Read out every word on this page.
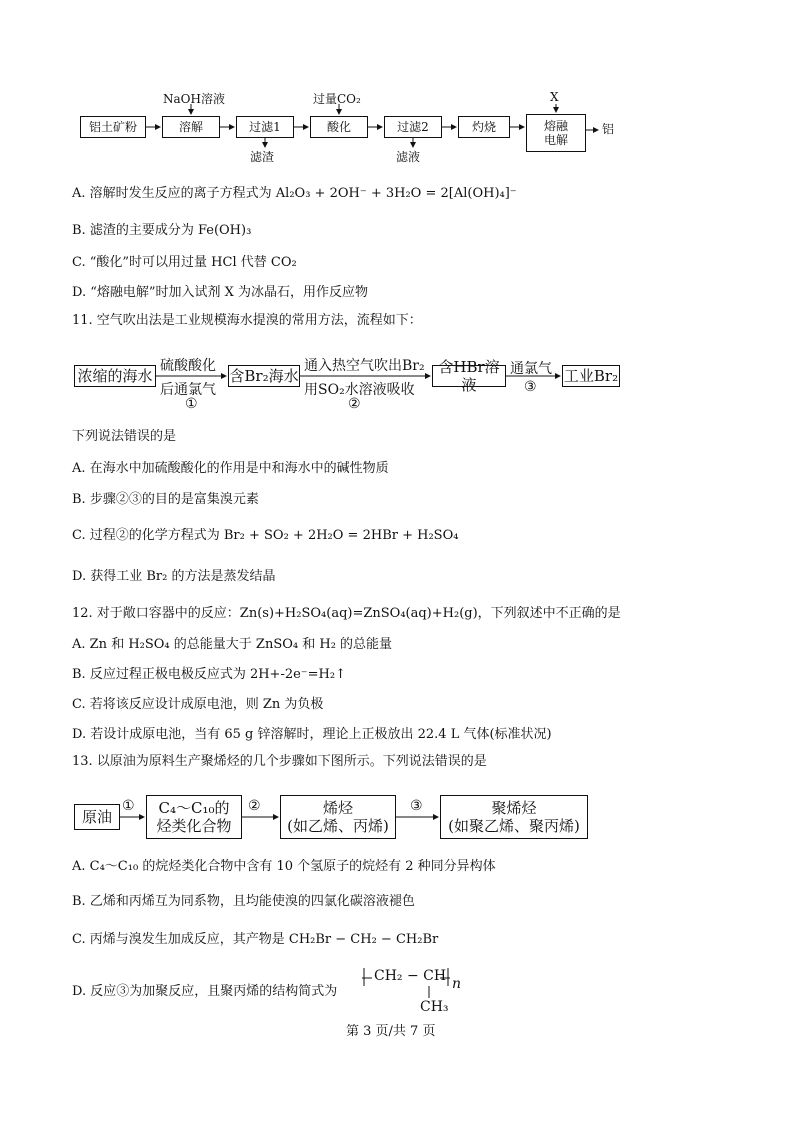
NaOH溶液	过量CO₂	X
铝土矿粉	溶解	过滤1	酸化	过滤2	灼烧	熔融
电解
铝
滤渣	滤液
A. 溶解时发生反应的离子方程式为 Al₂O₃ + 2OH⁻ + 3H₂O = 2[Al(OH)₄]⁻
B. 滤渣的主要成分为 Fe(OH)₃
C. “酸化”时可以用过量 HCl 代替 CO₂
D. “熔融电解”时加入试剂 X 为冰晶石，用作反应物
11. 空气吹出法是工业规模海水提溴的常用方法，流程如下：
浓缩的海水
硫酸酸化
后通氯气
①
含Br₂海水
通入热空气吹出Br₂
用SO₂水溶液吸收
②
含HBr溶液
通氯气
③
工业Br₂
下列说法错误的是
A. 在海水中加硫酸酸化的作用是中和海水中的碱性物质
B. 步骤②③的目的是富集溴元素
C. 过程②的化学方程式为 Br₂ + SO₂ + 2H₂O = 2HBr + H₂SO₄
D. 获得工业 Br₂ 的方法是蒸发结晶
12. 对于敞口容器中的反应：Zn(s)+H₂SO₄(aq)=ZnSO₄(aq)+H₂(g)，下列叙述中不正确的是
A. Zn 和 H₂SO₄ 的总能量大于 ZnSO₄ 和 H₂ 的总能量
B. 反应过程正极电极反应式为 2H+-2e⁻=H₂↑
C. 若将该反应设计成原电池，则 Zn 为负极
D. 若设计成原电池，当有 65 g 锌溶解时，理论上正极放出 22.4 L 气体(标准状况)
13. 以原油为原料生产聚烯烃的几个步骤如下图所示。下列说法错误的是
原油
① C₄～C₁₀的
烃类化合物
②	烯烃
(如乙烯、丙烯)
③	聚烯烃
(如聚乙烯、聚丙烯)
A. C₄～C₁₀ 的烷烃类化合物中含有 10 个氢原子的烷烃有 2 种同分异构体
B. 乙烯和丙烯互为同系物，且均能使溴的四氯化碳溶液褪色
C. 丙烯与溴发生加成反应，其产物是 CH₂Br − CH₂ − CH₂Br
D. 反应③为加聚反应，且聚丙烯的结构简式为
CH₂ − CH n
CH₃
第 3 页/共 7 页
